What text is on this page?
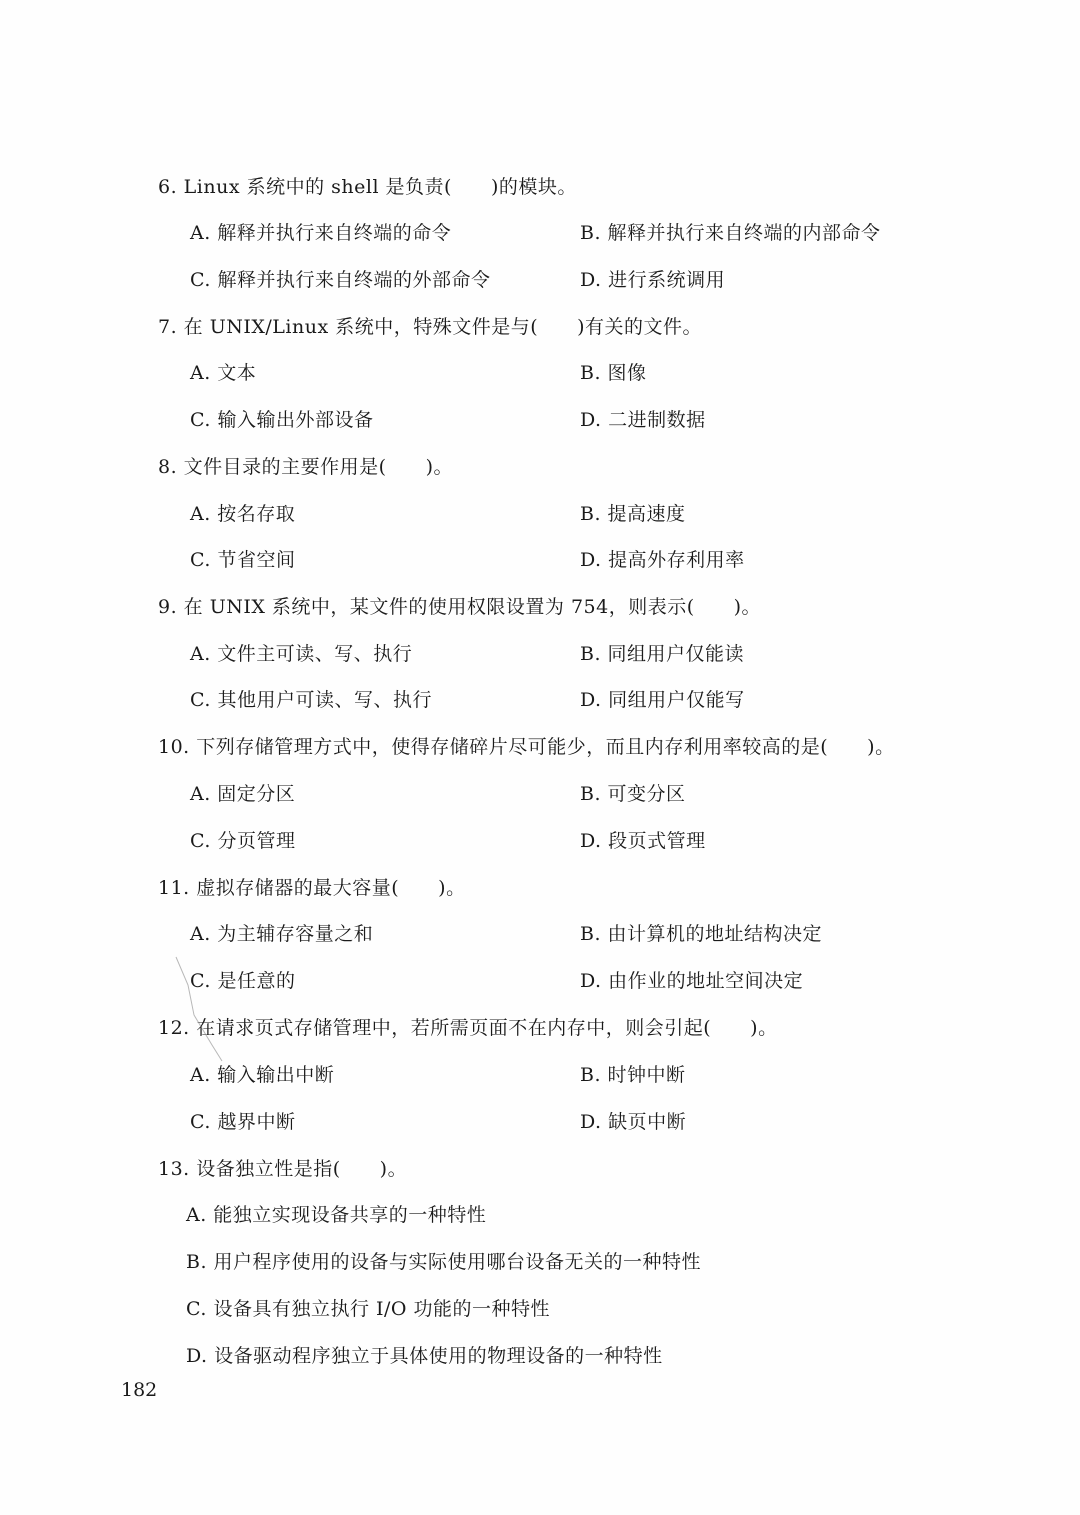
6. Linux 系统中的 shell 是负责(　　)的模块。
A. 解释并执行来自终端的命令	B. 解释并执行来自终端的内部命令
C. 解释并执行来自终端的外部命令	D. 进行系统调用
7. 在 UNIX/Linux 系统中，特殊文件是与(　　)有关的文件。
A. 文本	B. 图像
C. 输入输出外部设备	D. 二进制数据
8. 文件目录的主要作用是(　　)。
A. 按名存取	B. 提高速度
C. 节省空间	D. 提高外存利用率
9. 在 UNIX 系统中，某文件的使用权限设置为 754，则表示(　　)。
A. 文件主可读、写、执行	B. 同组用户仅能读
C. 其他用户可读、写、执行	D. 同组用户仅能写
10. 下列存储管理方式中，使得存储碎片尽可能少，而且内存利用率较高的是(　　)。
A. 固定分区	B. 可变分区
C. 分页管理	D. 段页式管理
11. 虚拟存储器的最大容量(　　)。
A. 为主辅存容量之和	B. 由计算机的地址结构决定
C. 是任意的	D. 由作业的地址空间决定
12. 在请求页式存储管理中，若所需页面不在内存中，则会引起(　　)。
A. 输入输出中断	B. 时钟中断
C. 越界中断	D. 缺页中断
13. 设备独立性是指(　　)。
A. 能独立实现设备共享的一种特性
B. 用户程序使用的设备与实际使用哪台设备无关的一种特性
C. 设备具有独立执行 I/O 功能的一种特性
D. 设备驱动程序独立于具体使用的物理设备的一种特性
182
